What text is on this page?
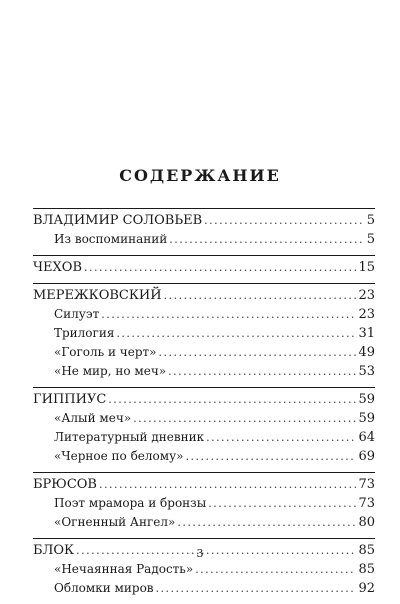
СОДЕРЖАНИЕ
ВЛАДИМИР СОЛОВЬЕВ . . .	5
Из воспоминаний . . .	5
ЧЕХОВ . . .	15
МЕРЕЖКОВСКИЙ . . .	23
Силуэт . . .	23
Трилогия . . .	31
«Гоголь и черт» . . .	49
«Не мир, но меч» . . .	53
ГИППИУС . . .	59
«Алый меч» . . .	59
Литературный дневник . . .	64
«Черное по белому» . . .	69
БРЮСОВ . . .	73
Поэт мрамора и бронзы . . .	73
«Огненный Ангел» . . .	80
БЛОК . . .	85
«Нечаянная Радость» . . .	85
Обломки миров . . .	92
3
